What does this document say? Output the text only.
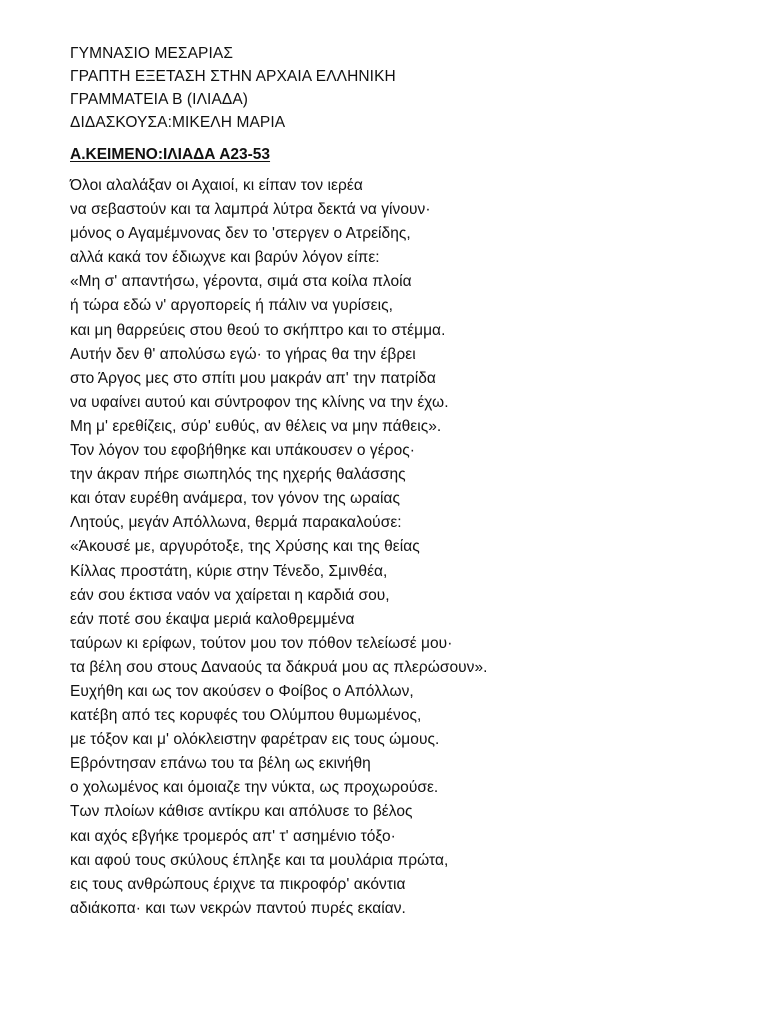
ΓΥΜΝΑΣΙΟ ΜΕΣΑΡΙΑΣ
ΓΡΑΠΤΗ ΕΞΕΤΑΣΗ ΣΤΗΝ ΑΡΧΑΙΑ ΕΛΛΗΝΙΚΗ
ΓΡΑΜΜΑΤΕΙΑ Β (ΙΛΙΑΔΑ)
ΔΙΔΑΣΚΟΥΣΑ:ΜΙΚΕΛΗ ΜΑΡΙΑ
Α.ΚΕΙΜΕΝΟ:ΙΛΙΑΔΑ Α23-53
Όλοι αλαλάξαν οι Αχαιοί, κι είπαν τον ιερέα
να σεβαστούν και τα λαμπρά λύτρα δεκτά να γίνουν·
μόνος ο Αγαμέμνονας δεν το 'στεργεν ο Ατρείδης,
αλλά κακά τον έδιωχνε και βαρύν λόγον είπε:
«Μη σ' απαντήσω, γέροντα, σιμά στα κοίλα πλοία
ή τώρα εδώ ν' αργοπορείς ή πάλιν να γυρίσεις,
και μη θαρρεύεις στου θεού το σκήπτρο και το στέμμα.
Αυτήν δεν θ' απολύσω εγώ· το γήρας θα την έβρει
στο Άργος μες στο σπίτι μου μακράν απ' την πατρίδα
να υφαίνει αυτού και σύντροφον της κλίνης να την έχω.
Μη μ' ερεθίζεις, σύρ' ευθύς, αν θέλεις να μην πάθεις».
Τον λόγον του εφοβήθηκε και υπάκουσεν ο γέρος·
την άκραν πήρε σιωπηλός της ηχερής θαλάσσης
και όταν ευρέθη ανάμερα, τον γόνον της ωραίας
Λητούς, μεγάν Απόλλωνα, θερμά παρακαλούσε:
«Άκουσέ με, αργυρότοξε, της Χρύσης και της θείας
Κίλλας προστάτη, κύριε στην Τένεδο, Σμινθέα,
εάν σου έκτισα ναόν να χαίρεται η καρδιά σου,
εάν ποτέ σου έκαψα μεριά καλοθρεμμένα
ταύρων κι ερίφων, τούτον μου τον πόθον τελείωσέ μου·
τα βέλη σου στους Δαναούς τα δάκρυά μου ας πλερώσουν».
Ευχήθη και ως τον ακούσεν ο Φοίβος ο Απόλλων,
κατέβη από τες κορυφές του Ολύμπου θυμωμένος,
με τόξον και μ' ολόκλειστην φαρέτραν εις τους ώμους.
Εβρόντησαν επάνω του τα βέλη ως εκινήθη
ο χολωμένος και όμοιαζε την νύκτα, ως προχωρούσε.
Των πλοίων κάθισε αντίκρυ και απόλυσε το βέλος
και αχός εβγήκε τρομερός απ' τ' ασημένιο τόξο·
και αφού τους σκύλους έπληξε και τα μουλάρια πρώτα,
εις τους ανθρώπους έριχνε τα πικροφόρ' ακόντια
αδιάκοπα· και των νεκρών παντού πυρές εκαίαν.
